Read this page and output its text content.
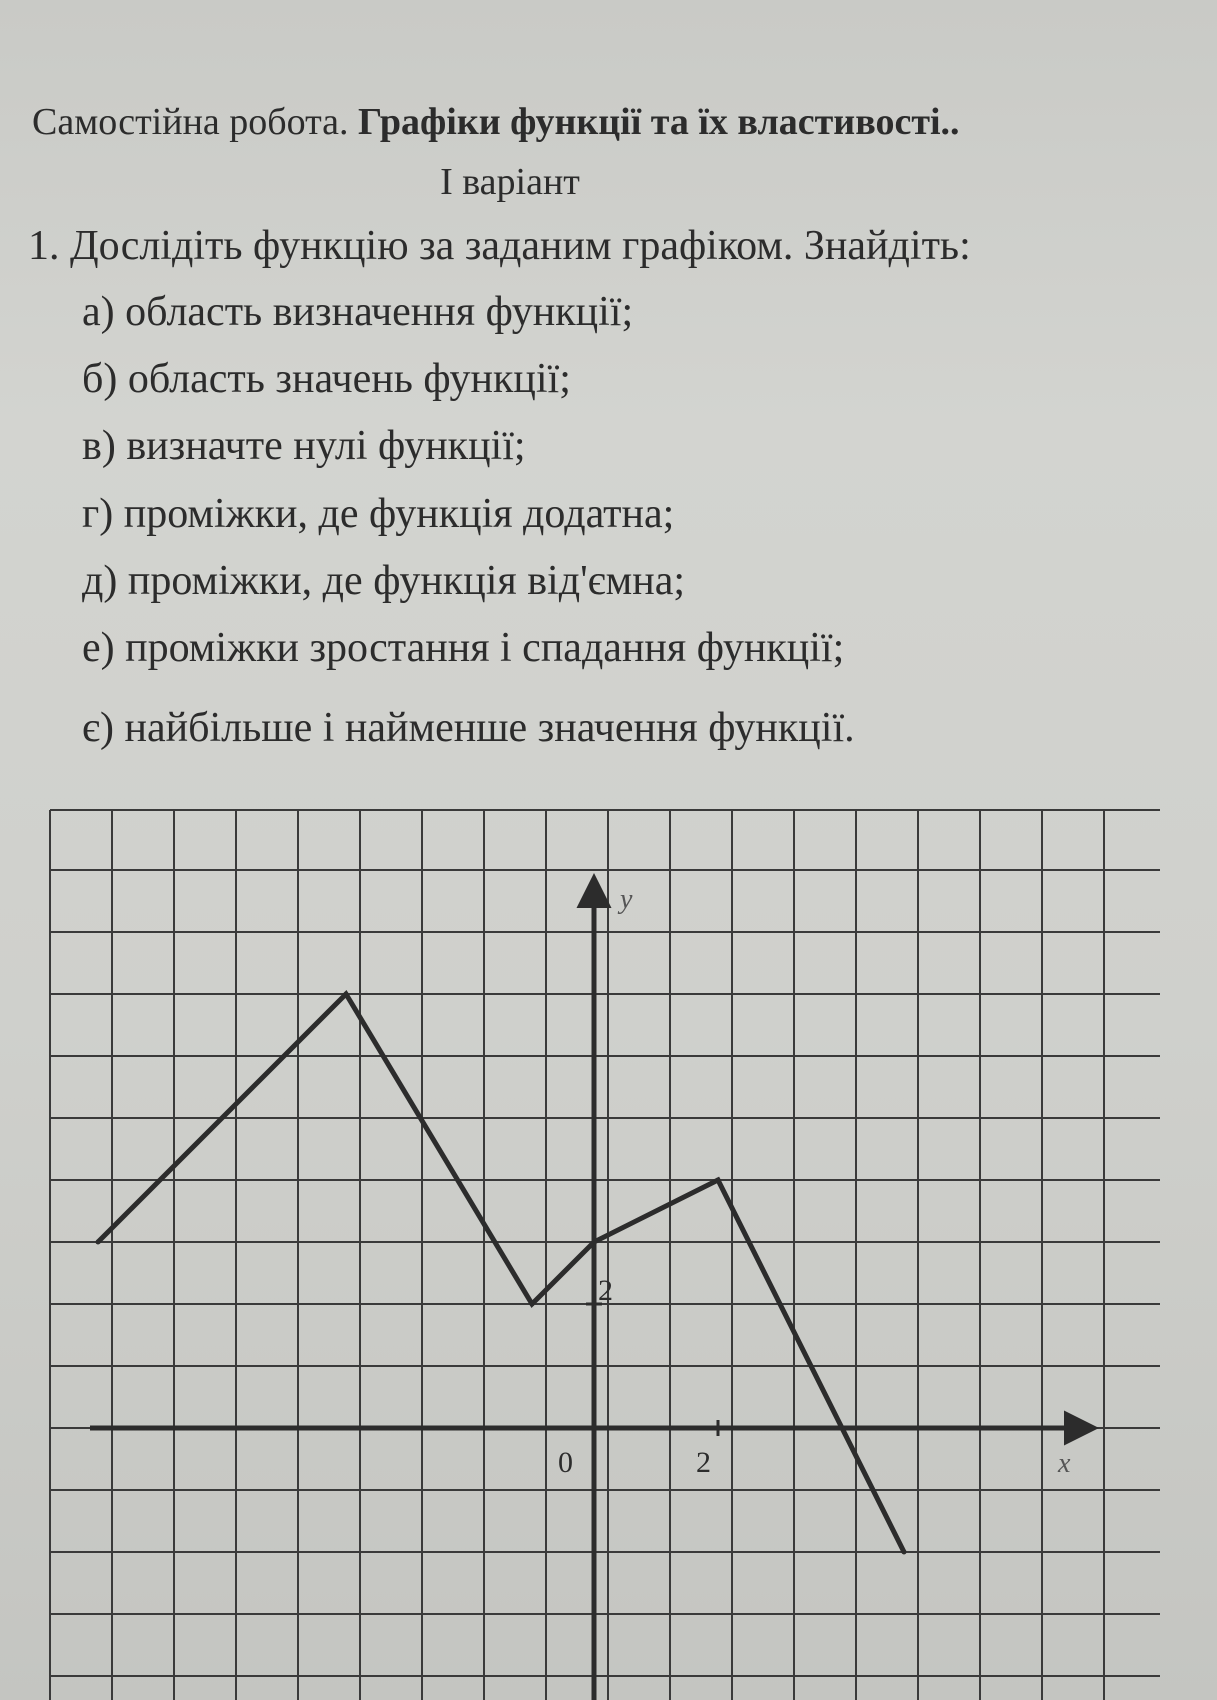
Самостійна робота. Графіки функції та їх властивості..
І варіант
1. Дослідіть функцію за заданим графіком. Знайдіть:
а) область визначення функції;
б) область значень функції;
в) визначте нулі функції;
г) проміжки, де функція додатна;
д) проміжки, де функція від'ємна;
е) проміжки зростання і спадання функції;
є) найбільше і найменше значення функції.
0	2
2
x
y
